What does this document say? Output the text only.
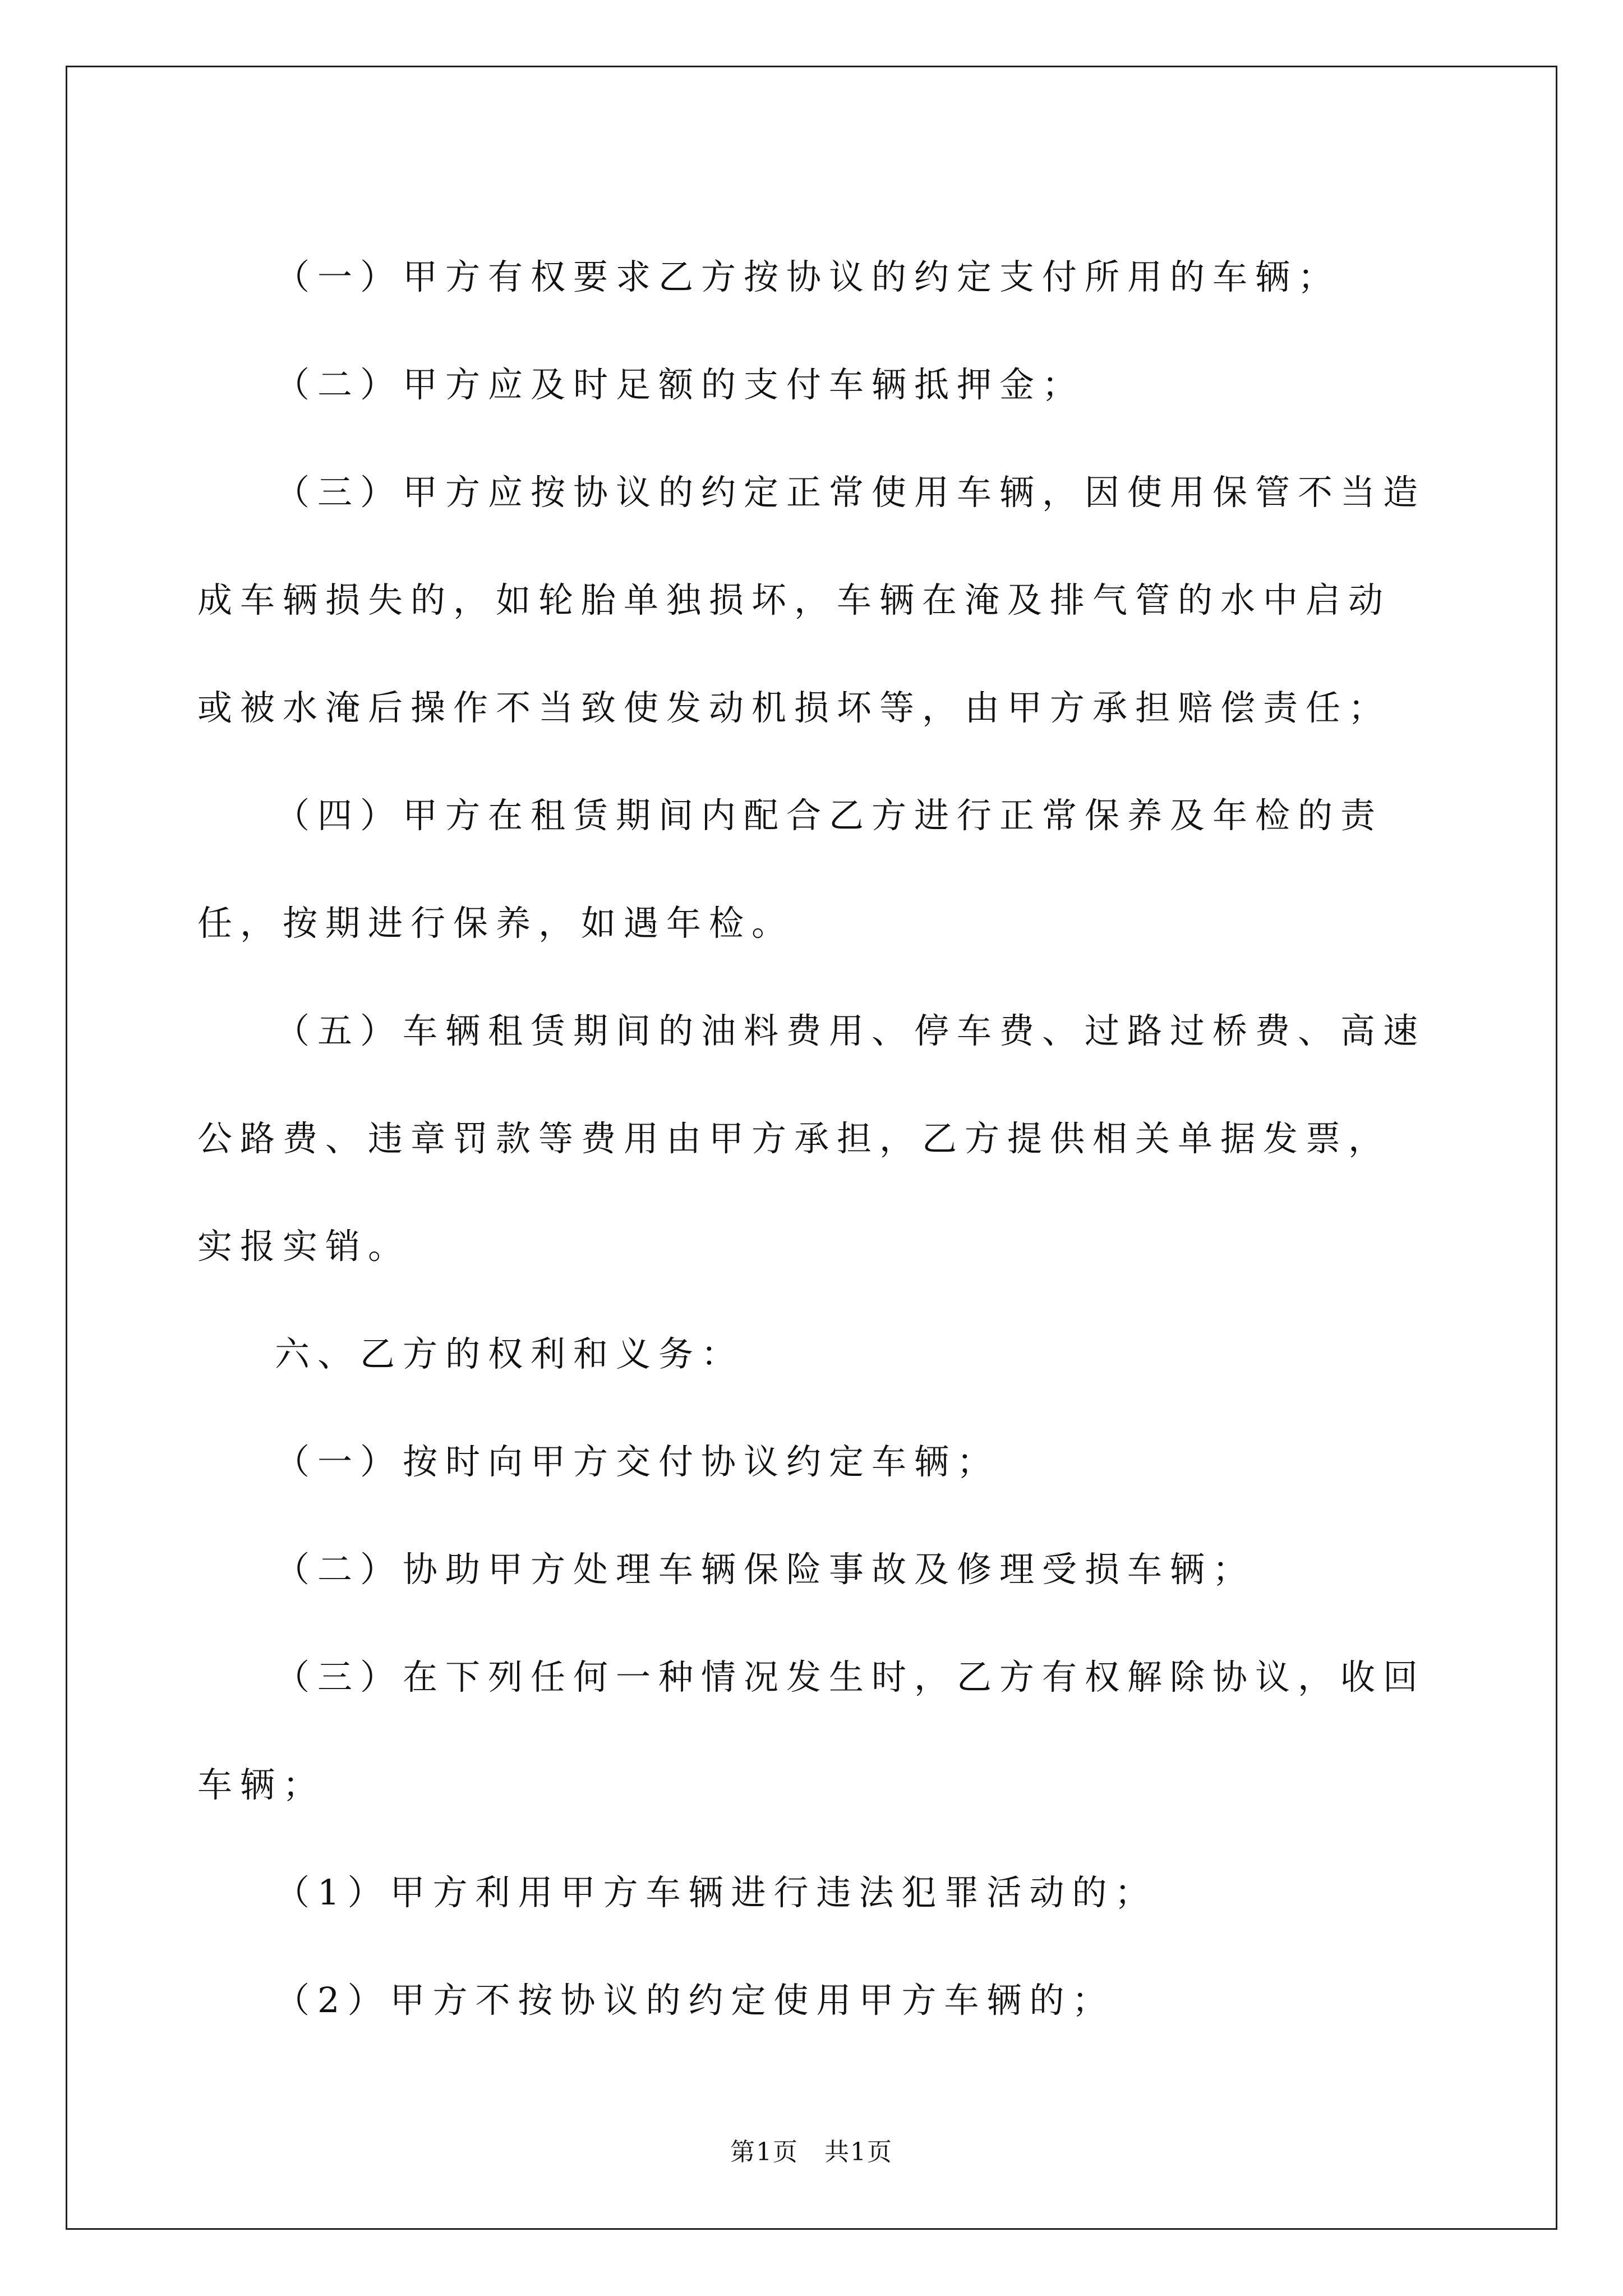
（一）甲方有权要求乙方按协议的约定支付所用的车辆；

（二）甲方应及时足额的支付车辆抵押金；

（三）甲方应按协议的约定正常使用车辆，因使用保管不当造成车辆损失的，如轮胎单独损坏，车辆在淹及排气管的水中启动或被水淹后操作不当致使发动机损坏等，由甲方承担赔偿责任；

（四）甲方在租赁期间内配合乙方进行正常保养及年检的责任，按期进行保养，如遇年检。

（五）车辆租赁期间的油料费用、停车费、过路过桥费、高速公路费、违章罚款等费用由甲方承担，乙方提供相关单据发票，实报实销。

六、乙方的权利和义务：

（一）按时向甲方交付协议约定车辆；

（二）协助甲方处理车辆保险事故及修理受损车辆；

（三）在下列任何一种情况发生时，乙方有权解除协议，收回车辆；

（1）甲方利用甲方车辆进行违法犯罪活动的；

（2）甲方不按协议的约定使用甲方车辆的；

第1页　共1页
